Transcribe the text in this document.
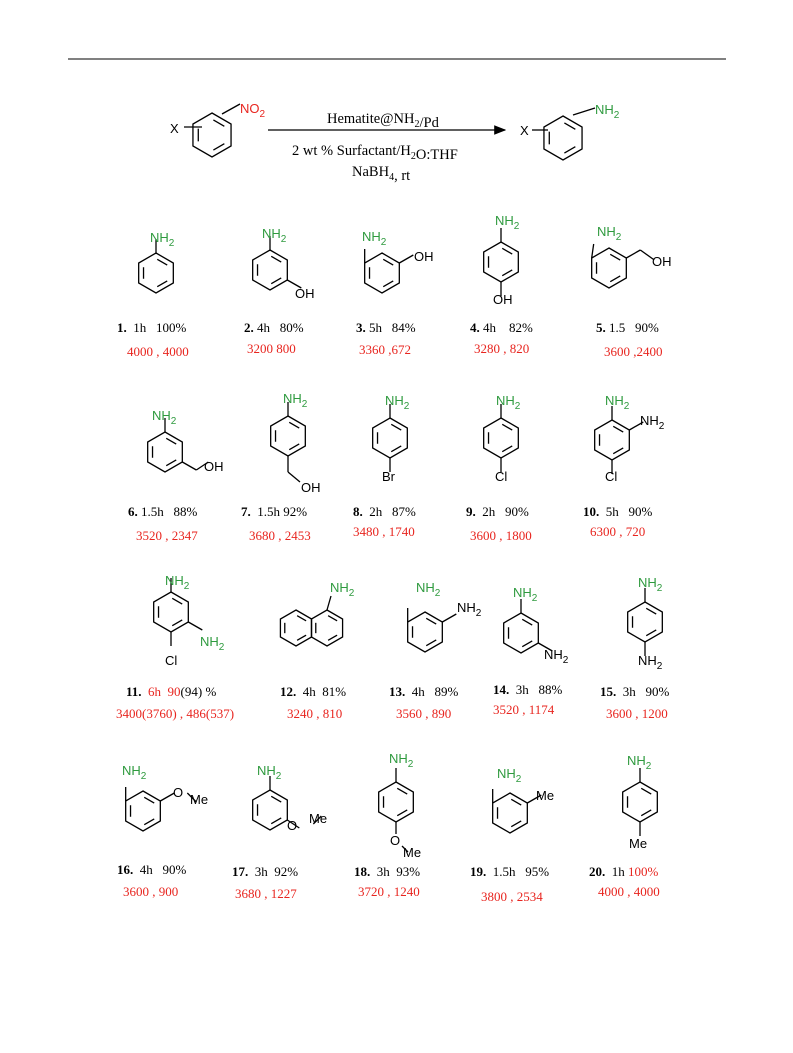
X
$NO_2$	$Hematite@NH_2/Pd$
2 wt % Surfactant/$H_2O:THF$
NaBH$_4$, rt
X
$NH_2$
$NH_2$
$NH_2$
OH
$NH_2$
OH
$NH_2$
OH
$NH_2$
OH
$NH_2$
OH
$NH_2$
OH
$NH_2$
Br
$NH_2$
Cl
$NH_2$
$NH_2$
Cl
$NH_2$
$NH_2$
Cl
$NH_2$	$NH_2$
$NH_2$
$NH_2$
$NH_2$
$NH_2$
$NH_2$
$NH_2$
O Me
$NH_2$
O Me
$NH_2$
O
Me
$NH_2$
Me
$NH_2$
Me
1. 1h 100%
4000 , 4000
2. 4h 80%
3200 800
3. 5h 84%
3360 ,672
4. 4h 82%
3280 , 820
5. 1.5 90%
3600 ,2400
6. 1.5h 88%
3520 , 2347
7. 1.5h 92%
3680 , 2453
8. 2h 87%
3480 , 1740
9. 2h 90%
3600 , 1800
10. 5h 90%
6300 , 720
11. 6h 90(94) %
3400(3760) , 486(537)
12. 4h 81%
3240 , 810
13. 4h 89%
3560 , 890
14. 3h 88%
3520 , 1174
15. 3h 90%
3600 , 1200
16. 4h 90%
3600 , 900
17. 3h 92%
3680 , 1227
18. 3h 93%
3720 , 1240
19. 1.5h 95%
3800 , 2534
20. 1h 100%
4000 , 4000
